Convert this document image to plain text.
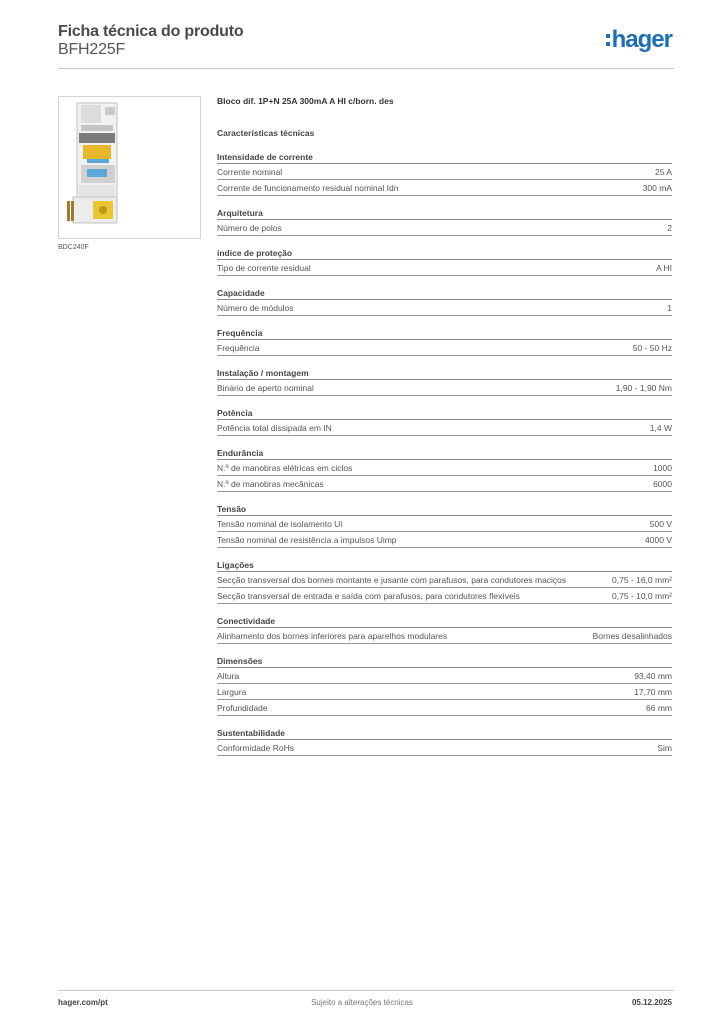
Ficha técnica do produto
BFH225F	hager
BDC240F
Bloco dif. 1P+N 25A 300mA A HI c/born. des
Características técnicas
Intensidade de corrente
Corrente nominal	25 A
Corrente de funcionamento residual nominal Idn	300 mA
Arquitetura
Número de polos	2
índice de proteção
Tipo de corrente residual	A HI
Capacidade
Número de módulos	1
Frequência
Frequência	50 - 50 Hz
Instalação / montagem
Binário de aperto nominal	1,90 - 1,90 Nm
Potência
Potência total dissipada em IN	1,4 W
Endurância
N.º de manobras elétricas em ciclos	1000
N.º de manobras mecânicas	6000
Tensão
Tensão nominal de isolamento Ui	500 V
Tensão nominal de resistência a impulsos Uimp	4000 V
Ligações
Secção transversal dos bornes montante e jusante com parafusos, para condutores maciços	0,75 - 16,0 mm²
Secção transversal de entrada e saída com parafusos, para condutores flexíveis	0,75 - 10,0 mm²
Conectividade
Alinhamento dos bornes inferiores para aparelhos modulares	Bornes desalinhados
Dimensões
Altura	93,40 mm
Largura	17,70 mm
Profundidade	66 mm
Sustentabilidade
Conformidade RoHs	Sim
hager.com/pt	Sujeito a alterações técnicas	05.12.2025
